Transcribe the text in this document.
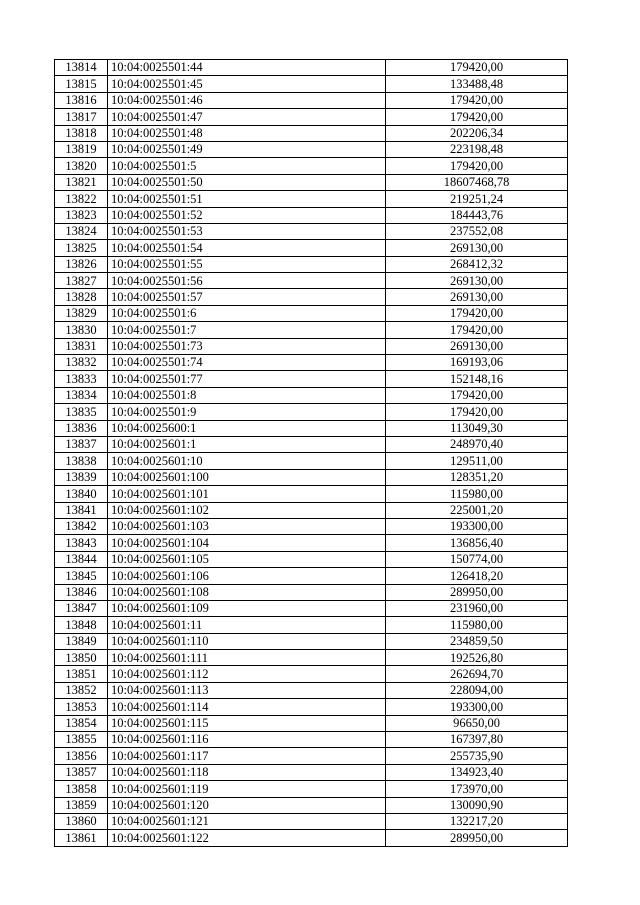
13814	10:04:0025501:44	179420,00
13815	10:04:0025501:45	133488,48
13816	10:04:0025501:46	179420,00
13817	10:04:0025501:47	179420,00
13818	10:04:0025501:48	202206,34
13819	10:04:0025501:49	223198,48
13820	10:04:0025501:5	179420,00
13821	10:04:0025501:50	18607468,78
13822	10:04:0025501:51	219251,24
13823	10:04:0025501:52	184443,76
13824	10:04:0025501:53	237552,08
13825	10:04:0025501:54	269130,00
13826	10:04:0025501:55	268412,32
13827	10:04:0025501:56	269130,00
13828	10:04:0025501:57	269130,00
13829	10:04:0025501:6	179420,00
13830	10:04:0025501:7	179420,00
13831	10:04:0025501:73	269130,00
13832	10:04:0025501:74	169193,06
13833	10:04:0025501:77	152148,16
13834	10:04:0025501:8	179420,00
13835	10:04:0025501:9	179420,00
13836	10:04:0025600:1	113049,30
13837	10:04:0025601:1	248970,40
13838	10:04:0025601:10	129511,00
13839	10:04:0025601:100	128351,20
13840	10:04:0025601:101	115980,00
13841	10:04:0025601:102	225001,20
13842	10:04:0025601:103	193300,00
13843	10:04:0025601:104	136856,40
13844	10:04:0025601:105	150774,00
13845	10:04:0025601:106	126418,20
13846	10:04:0025601:108	289950,00
13847	10:04:0025601:109	231960,00
13848	10:04:0025601:11	115980,00
13849	10:04:0025601:110	234859,50
13850	10:04:0025601:111	192526,80
13851	10:04:0025601:112	262694,70
13852	10:04:0025601:113	228094,00
13853	10:04:0025601:114	193300,00
13854	10:04:0025601:115	96650,00
13855	10:04:0025601:116	167397,80
13856	10:04:0025601:117	255735,90
13857	10:04:0025601:118	134923,40
13858	10:04:0025601:119	173970,00
13859	10:04:0025601:120	130090,90
13860	10:04:0025601:121	132217,20
13861	10:04:0025601:122	289950,00
